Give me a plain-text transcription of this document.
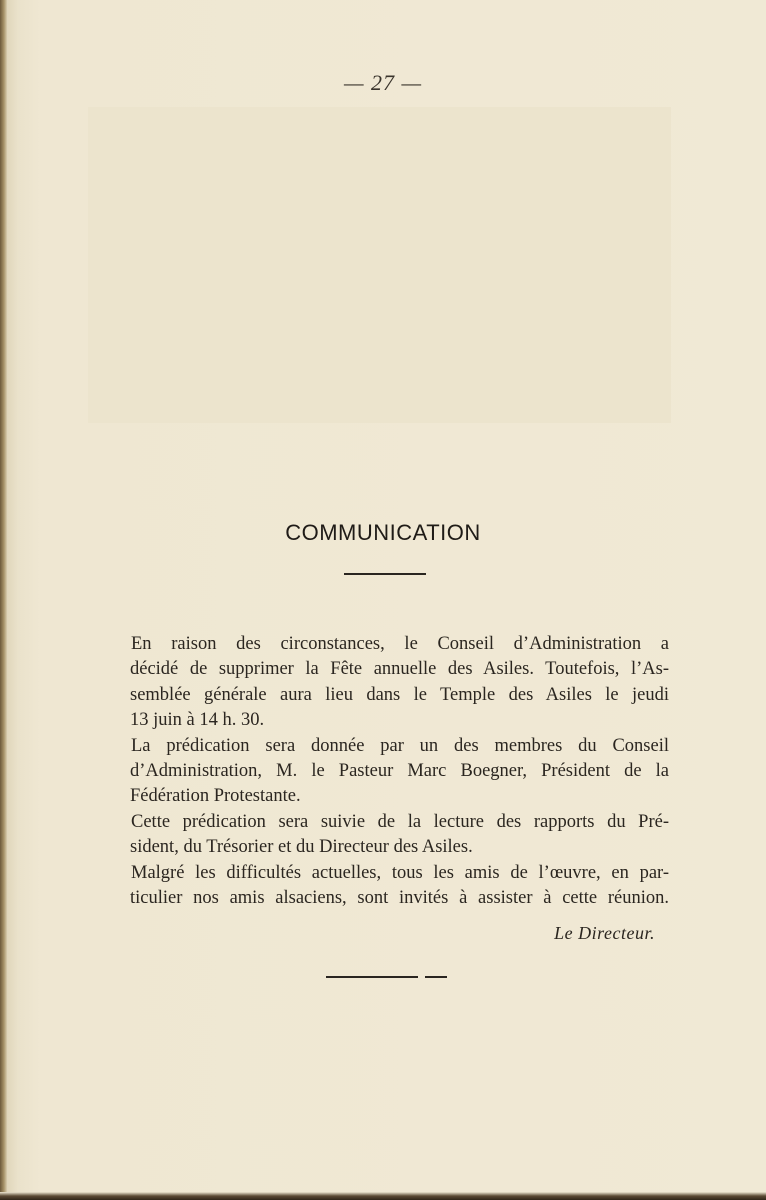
— 27 —
COMMUNICATION
En raison des circonstances, le Conseil d’Administration a
décidé de supprimer la Fête annuelle des Asiles. Toutefois, l’As-
semblée générale aura lieu dans le Temple des Asiles le jeudi
13 juin à 14 h. 30.
La prédication sera donnée par un des membres du Conseil
d’Administration, M. le Pasteur Marc Boegner, Président de la
Fédération Protestante.
Cette prédication sera suivie de la lecture des rapports du Pré-
sident, du Trésorier et du Directeur des Asiles.
Malgré les difficultés actuelles, tous les amis de l’œuvre, en par-
ticulier nos amis alsaciens, sont invités à assister à cette réunion.
Le Directeur.
